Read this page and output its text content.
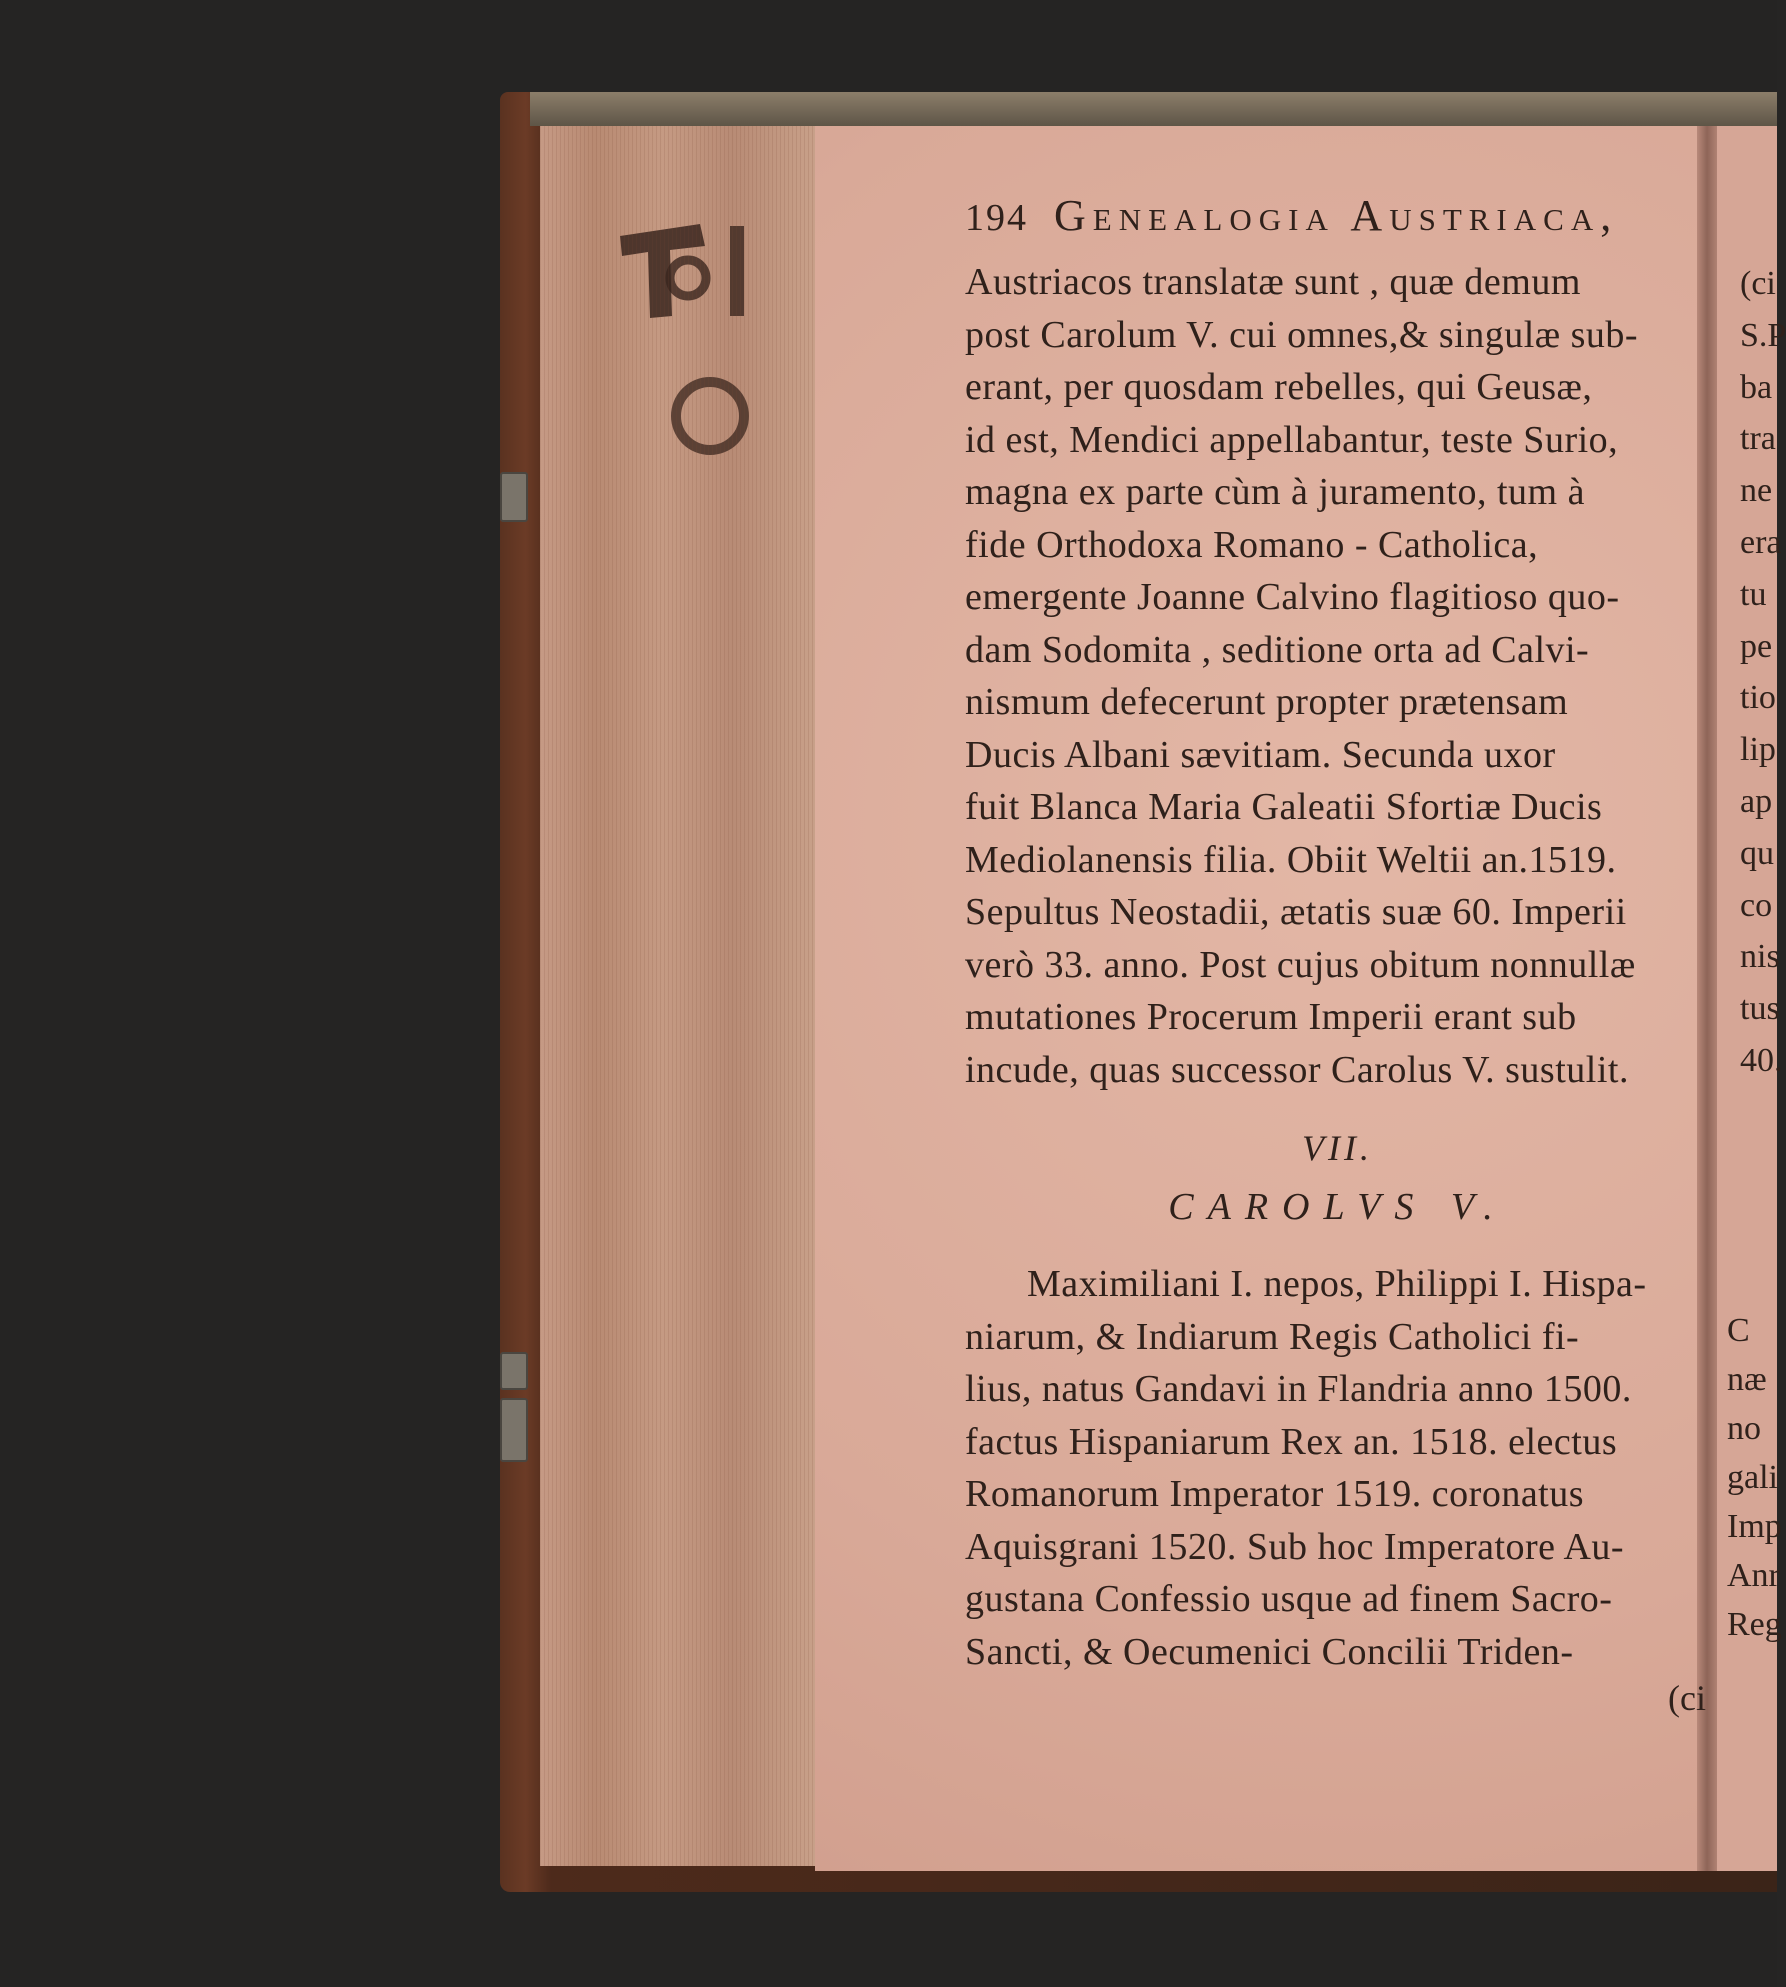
194 Genealogia Austriaca,
Austriacos translatæ sunt , quæ demum
post Carolum V. cui omnes,& singulæ sub-
erant, per quosdam rebelles, qui Geusæ,
id est, Mendici appellabantur, teste Surio,
magna ex parte cùm à juramento, tum à
fide Orthodoxa Romano - Catholica,
emergente Joanne Calvino flagitioso quo-
dam Sodomita , seditione orta ad Calvi-
nismum defecerunt propter prætensam
Ducis Albani sævitiam. Secunda uxor
fuit Blanca Maria Galeatii Sfortiæ Ducis
Mediolanensis filia. Obiit Weltii an.1519.
Sepultus Neostadii, ætatis suæ 60. Imperii
verò 33. anno. Post cujus obitum nonnullæ
mutationes Procerum Imperii erant sub
incude, quas successor Carolus V. sustulit.
VII.
CAROLVS V.
Maximiliani I. nepos, Philippi I. Hispa-
niarum, & Indiarum Regis Catholici fi-
lius, natus Gandavi in Flandria anno 1500.
factus Hispaniarum Rex an. 1518. electus
Romanorum Imperator 1519. coronatus
Aquisgrani 1520. Sub hoc Imperatore Au-
gustana Confessio usque ad finem Sacro-
Sancti, & Oecumenici Concilii Triden-
(ci
(ci
S.P
ba
tra
ne
era
tu
pe
tio
lip
ap
qu
co
nis
tus
40.
C
næ
no
gali
Imp
Anr
Reg
